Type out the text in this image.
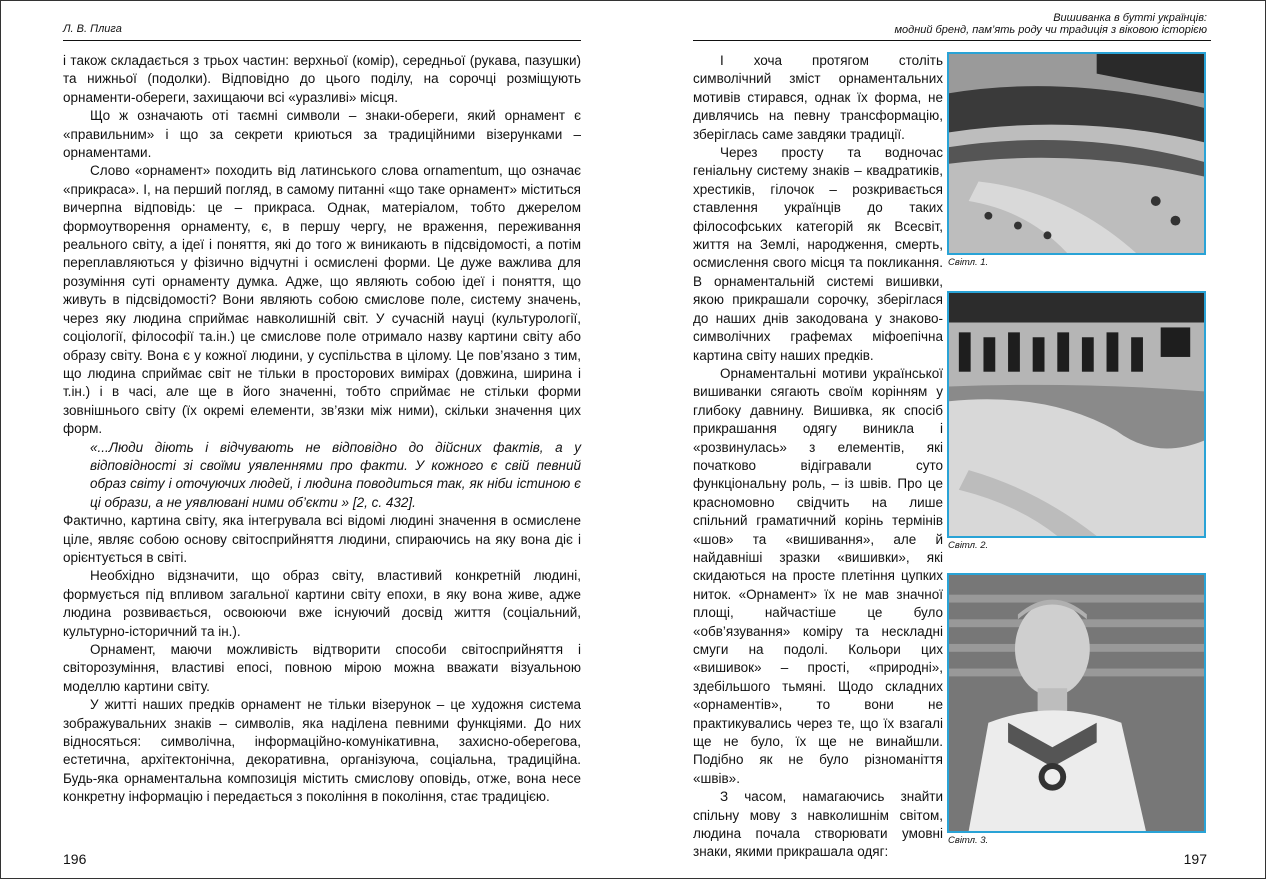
Л. В. Плига

і також складається з трьох частин: верхньої (комір), середньої (рукава, пазушки) та нижньої (подолки). Відповідно до цього поділу, на сорочці розміщують орнаменти-обереги, захищаючи всі «уразливі» місця.

Що ж означають оті таємні символи – знаки-обереги, який орнамент є «правильним» і що за секрети криються за традиційними візерунками – орнаментами.

Слово «орнамент» походить від латинського слова ornamentum, що означає «прикраса». І, на перший погляд, в самому питанні «що таке орнамент» міститься вичерпна відповідь: це – прикраса. Однак, матеріалом, тобто джерелом формоутворення орнаменту, є, в першу чергу, не враження, переживання реального світу, а ідеї і поняття, які до того ж виникають в підсвідомості, а потім переплавляються у фізично відчутні і осмислені форми. Це дуже важлива для розуміння суті орнаменту думка. Адже, що являють собою ідеї і поняття, що живуть в підсвідомості? Вони являють собою смислове поле, систему значень, через яку людина сприймає навколишній світ. У сучасній науці (культурології, соціології, філософії та.ін.) це смислове поле отримало назву картини світу або образу світу. Вона є у кожної людини, у суспільства в цілому. Це пов’язано з тим, що людина сприймає світ не тільки в просторових вимірах (довжина, ширина і т.ін.) і в часі, але ще в його значенні, тобто сприймає не стільки форми зовнішнього світу (їх окремі елементи, зв’язки між ними), скільки значення цих форм.

«...Люди діють і відчувають не відповідно до дійсних фактів, а у відповідності зі своїми уявленнями про факти. У кожного є свій певний образ світу і оточуючих людей, і людина поводиться так, як ніби істиною є ці образи, а не уявлювані ними об’єкти » [2, с. 432].

Фактично, картина світу, яка інтегрувала всі відомі людині значення в осмислене ціле, являє собою основу світосприйняття людини, спираючись на яку вона діє і орієнтується в світі.

Необхідно відзначити, що образ світу, властивий конкретній людині, формується під впливом загальної картини світу епохи, в яку вона живе, адже людина розвивається, освоюючи вже існуючий досвід життя (соціальний, культурно-історичний та ін.).

Орнамент, маючи можливість відтворити способи світосприйняття і світорозуміння, властиві епосі, повною мірою можна вважати візуальною моделлю картини світу.

У житті наших предків орнамент не тільки візерунок – це художня система зображувальних знаків – символів, яка наділена певними функціями. До них відносяться: символічна, інформаційно-комунікативна, захисно-оберегова, естетична, архітектонічна, декоративна, організуюча, соціальна, традиційна. Будь-яка орнаментальна композиція містить смислову оповідь, отже, вона несе конкретну інформацію і передається з покоління в покоління, стає традицією.

196
Вишиванка в бутті українців:
модний бренд, пам’ять роду чи традиція з віковою історією

І хоча протягом століть символічний зміст орнаментальних мотивів стирався, однак їх форма, не дивлячись на певну трансформацію, зберіглась саме завдяки традиції.

Через просту та водночас геніальну систему знаків – квадратиків, хрестиків, гілочок – розкривається ставлення українців до таких філософських категорій як Всесвіт, життя на Землі, народження, смерть, осмислення свого місця та покликання. В орнаментальній системі вишивки, якою прикрашали сорочку, зберіглася до наших днів закодована у знаково-символічних графемах міфоепічна картина світу наших предків.

Орнаментальні мотиви української вишиванки сягають своїм корінням у глибоку давнину. Вишивка, як спосіб прикрашання одягу виникла і «розвинулась» з елементів, які початково відігравали суто функціональну роль, – із швів. Про це красномовно свідчить на лише спільний граматичний корінь термінів «шов» та «вишивання», але й найдавніші зразки «вишивки», які скидаються на просте плетіння цупких ниток. «Орнамент» їх не мав значної площі, найчастіше це було «обв’язування» коміру та нескладні смуги на подолі. Кольори цих «вишивок» – прості, «природні», здебільшого тьмяні. Щодо складних «орнаментів», то вони не практикувались через те, що їх взагалі ще не було, їх ще не винайшли. Подібно як не було різноманіття «швів».

З часом, намагаючись знайти спільну мову з навколишнім світом, людина почала створювати умовні знаки, якими прикрашала одяг:

Світл. 1.
Світл. 2.
Світл. 3.
197
